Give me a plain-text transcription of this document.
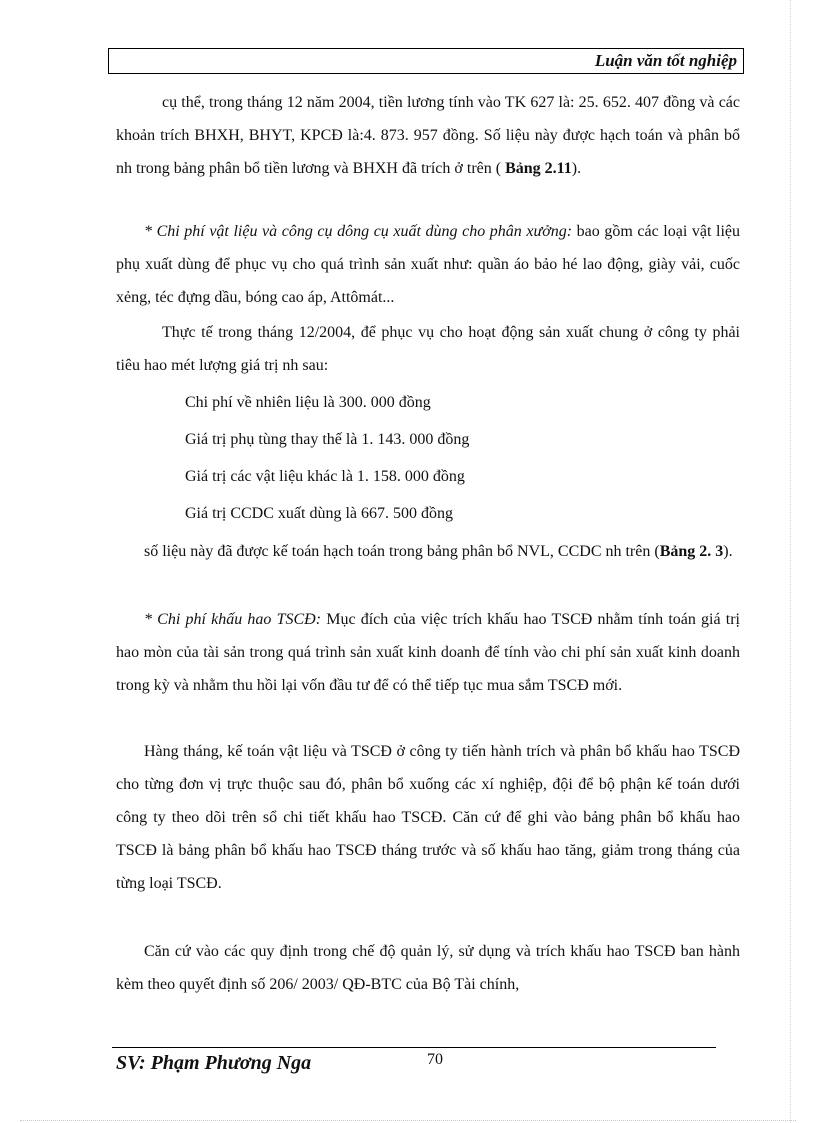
Luận văn tốt nghiệp

cụ thể, trong tháng 12 năm 2004, tiền lương tính vào TK 627 là: 25. 652. 407 đồng và các khoản trích BHXH, BHYT, KPCĐ là:4. 873. 957 đồng. Số liệu này được hạch toán và phân bổ nh trong bảng phân bổ tiền lương và BHXH đã trích ở trên ( Bảng 2.11).

* Chi phí vật liệu và công cụ dông cụ xuất dùng cho phân xưởng: bao gồm các loại vật liệu phụ xuất dùng để phục vụ cho quá trình sản xuất như: quần áo bảo hé lao động, giày vải, cuốc xẻng, téc đựng dầu, bóng cao áp, Attômát...

Thực tế trong tháng 12/2004, để phục vụ cho hoạt động sản xuất chung ở công ty phải tiêu hao mét lượng giá trị nh sau:

Chi phí về nhiên liệu là 300. 000 đồng

Giá trị phụ tùng thay thế là 1. 143. 000 đồng

Giá trị các vật liệu khác là 1. 158. 000 đồng

Giá trị CCDC xuất dùng là 667. 500 đồng

số liệu này đã được kế toán hạch toán trong bảng phân bổ NVL, CCDC nh trên (Bảng 2. 3).

* Chi phí khấu hao TSCĐ: Mục đích của việc trích khấu hao TSCĐ nhằm tính toán giá trị hao mòn của tài sản trong quá trình sản xuất kinh doanh để tính vào chi phí sản xuất kinh doanh trong kỳ và nhằm thu hồi lại vốn đầu tư để có thể tiếp tục mua sắm TSCĐ mới.

Hàng tháng, kế toán vật liệu và TSCĐ ở công ty tiến hành trích và phân bổ khấu hao TSCĐ cho từng đơn vị trực thuộc sau đó, phân bổ xuống các xí nghiệp, đội để bộ phận kế toán dưới công ty theo dõi trên sổ chi tiết khấu hao TSCĐ. Căn cứ để ghi vào bảng phân bổ khấu hao TSCĐ là bảng phân bổ khấu hao TSCĐ tháng trước và số khấu hao tăng, giảm trong tháng của từng loại TSCĐ.

Căn cứ vào các quy định trong chế độ quản lý, sử dụng và trích khấu hao TSCĐ ban hành kèm theo quyết định số 206/ 2003/ QĐ-BTC của Bộ Tài chính,

SV: Phạm Phương Nga	70
